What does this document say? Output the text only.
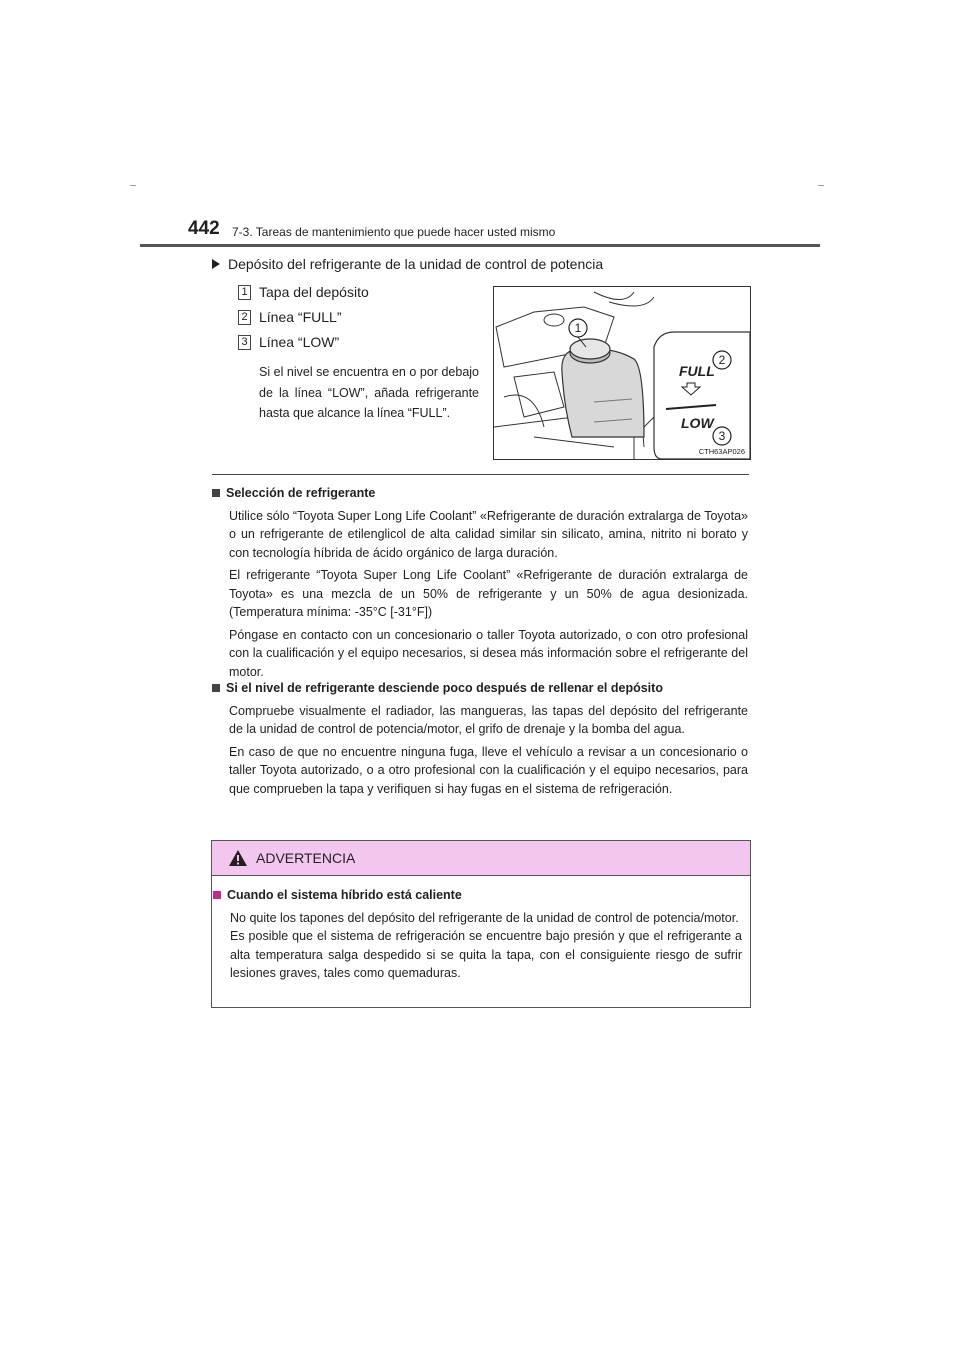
442 7-3. Tareas de mantenimiento que puede hacer usted mismo
Depósito del refrigerante de la unidad de control de potencia
1 Tapa del depósito
2 Línea “FULL”
3 Línea “LOW”
Si el nivel se encuentra en o por debajo de la línea “LOW”, añada refrigerante hasta que alcance la línea “FULL”.
FULL
LOW
1
2
3
CTH63AP026
Selección de refrigerante

Utilice sólo “Toyota Super Long Life Coolant” «Refrigerante de duración extralarga de Toyota» o un refrigerante de etilenglicol de alta calidad similar sin silicato, amina, nitrito ni borato y con tecnología híbrida de ácido orgánico de larga duración.

El refrigerante “Toyota Super Long Life Coolant” «Refrigerante de duración extralarga de Toyota» es una mezcla de un 50% de refrigerante y un 50% de agua desionizada. (Temperatura mínima: -35°C [-31°F])

Póngase en contacto con un concesionario o taller Toyota autorizado, o con otro profesional con la cualificación y el equipo necesarios, si desea más información sobre el refrigerante del motor.

Si el nivel de refrigerante desciende poco después de rellenar el depósito

Compruebe visualmente el radiador, las mangueras, las tapas del depósito del refrigerante de la unidad de control de potencia/motor, el grifo de drenaje y la bomba del agua.

En caso de que no encuentre ninguna fuga, lleve el vehículo a revisar a un concesionario o taller Toyota autorizado, o a otro profesional con la cualificación y el equipo necesarios, para que comprueben la tapa y verifiquen si hay fugas en el sistema de refrigeración.

ADVERTENCIA
Cuando el sistema híbrido está caliente

No quite los tapones del depósito del refrigerante de la unidad de control de potencia/motor.

Es posible que el sistema de refrigeración se encuentre bajo presión y que el refrigerante a alta temperatura salga despedido si se quita la tapa, con el consiguiente riesgo de sufrir lesiones graves, tales como quemaduras.
